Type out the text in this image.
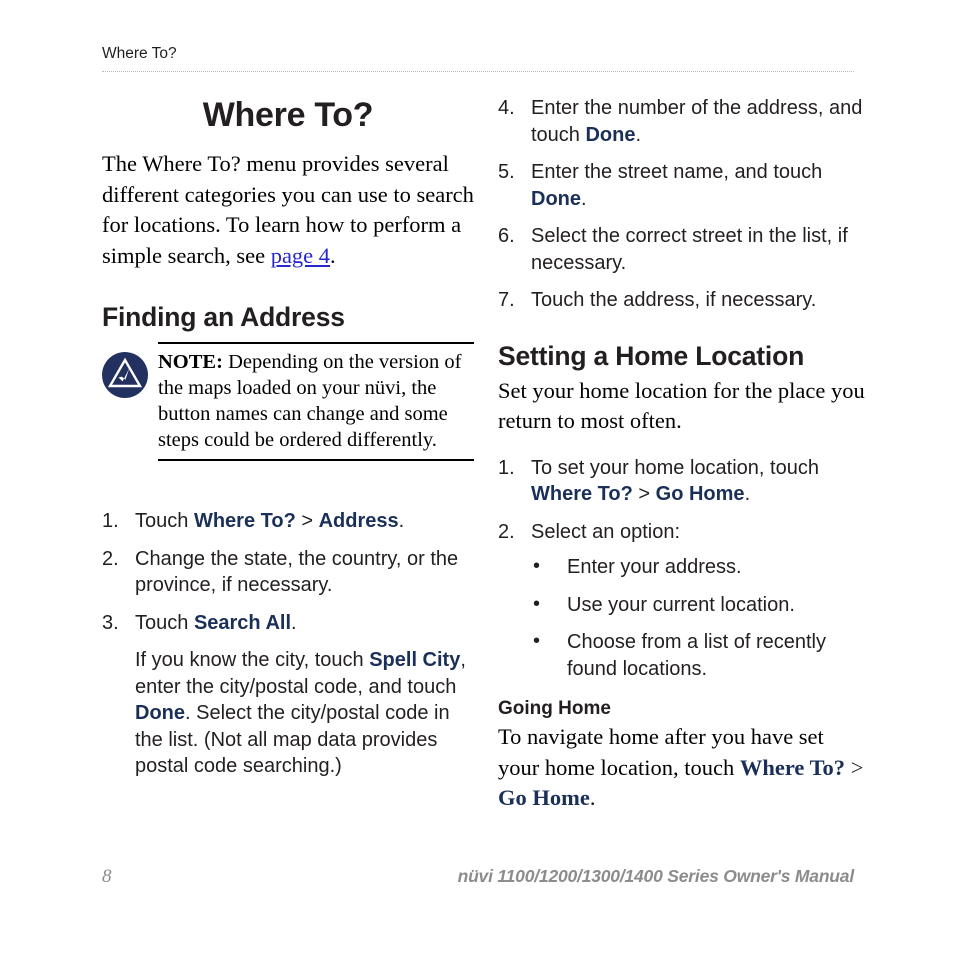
Where To?
Where To?

The Where To? menu provides several different categories you can use to search for locations. To learn how to perform a simple search, see page 4.

Finding an Address

NOTE: Depending on the version of the maps loaded on your nüvi, the button names can change and some steps could be ordered differently.

1. Touch Where To? > Address.
2. Change the state, the country, or the province, if necessary.
3. Touch Search All.

If you know the city, touch Spell City, enter the city/postal code, and touch Done. Select the city/postal code in the list. (Not all map data provides postal code searching.)

4. Enter the number of the address, and touch Done.
5. Enter the street name, and touch Done.
6. Select the correct street in the list, if necessary.
7. Touch the address, if necessary.
Setting a Home Location

Set your home location for the place you return to most often.

1. To set your home location, touch Where To? > Go Home.
2. Select an option:
• Enter your address.
• Use your current location.
• Choose from a list of recently found locations.
Going Home

To navigate home after you have set your home location, touch Where To? > Go Home.

8	nüvi 1100/1200/1300/1400 Series Owner's Manual
